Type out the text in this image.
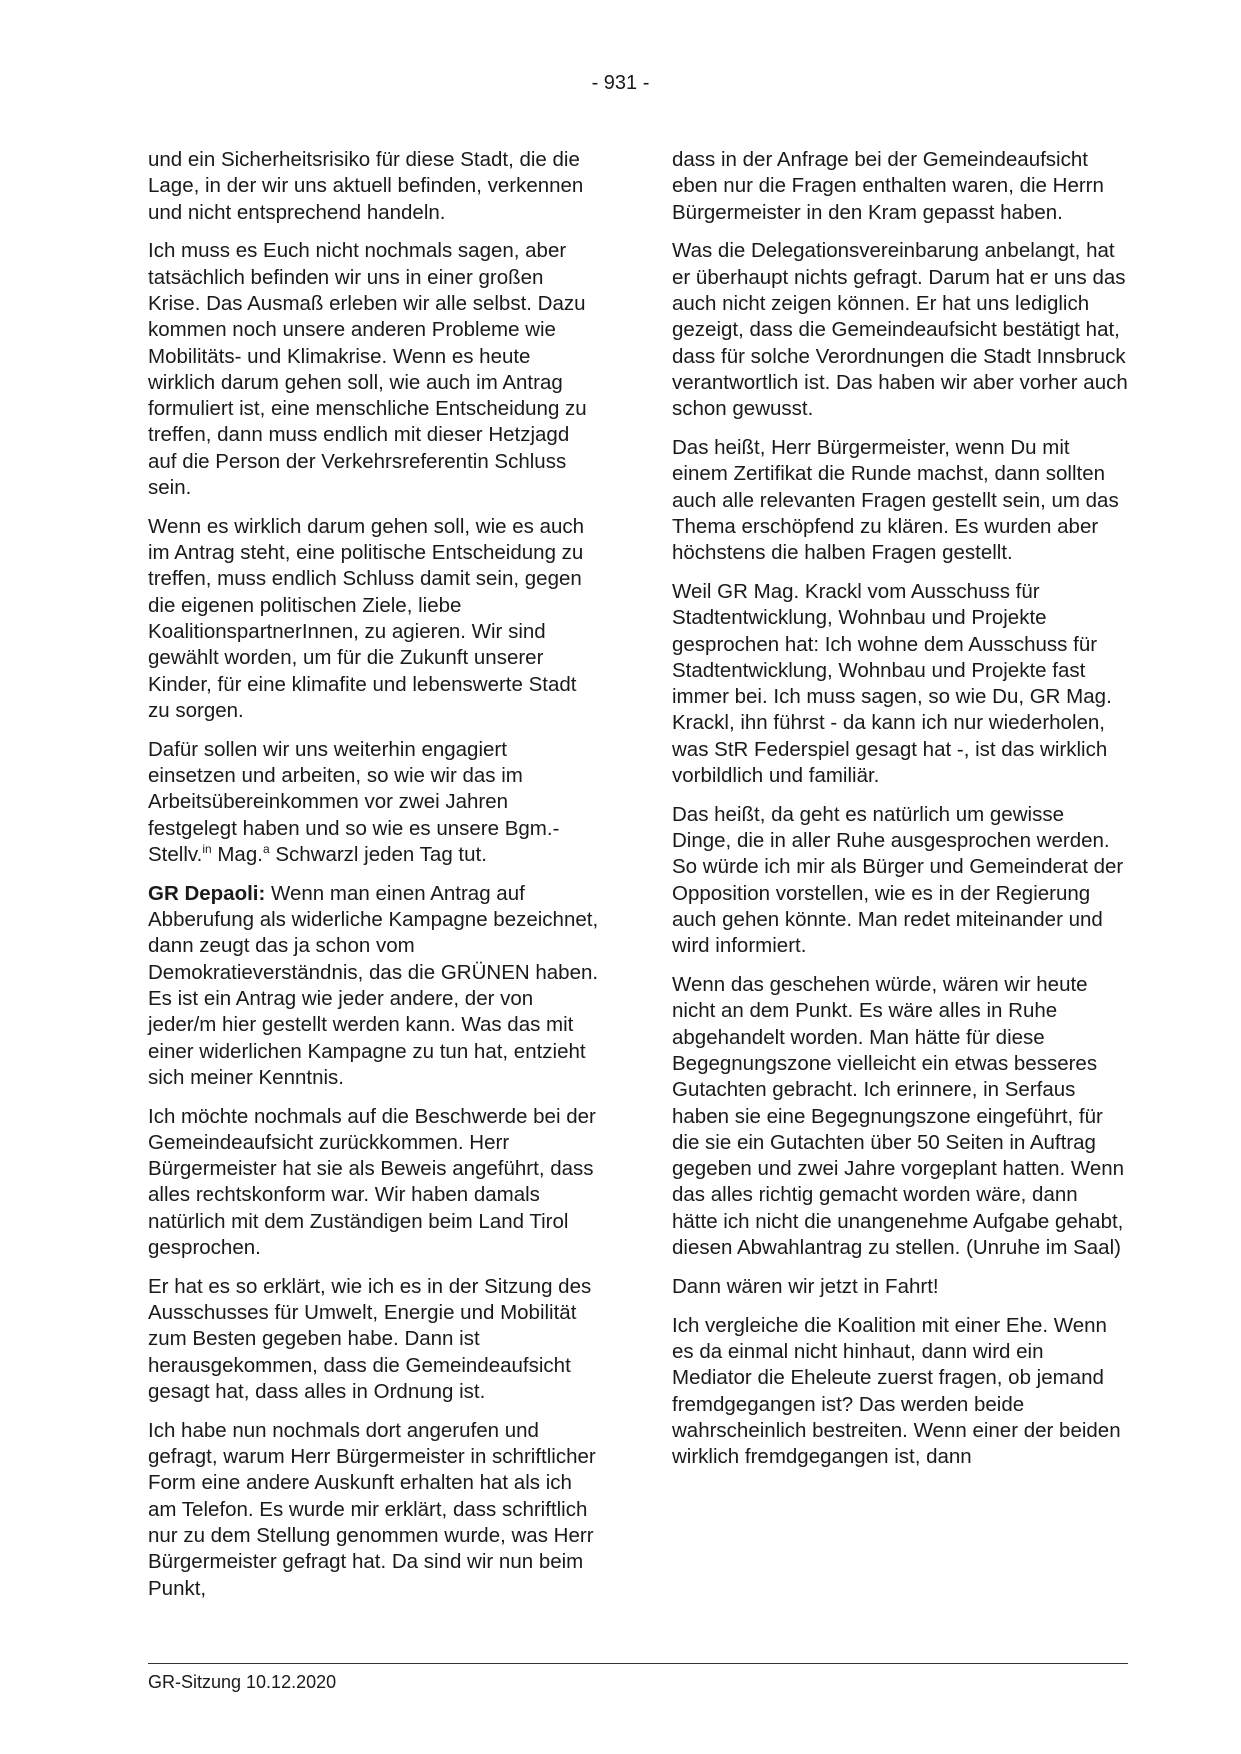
- 931 -

und ein Sicherheitsrisiko für diese Stadt, die die Lage, in der wir uns aktuell befinden, verkennen und nicht entsprechend handeln.

Ich muss es Euch nicht nochmals sagen, aber tatsächlich befinden wir uns in einer großen Krise. Das Ausmaß erleben wir alle selbst. Dazu kommen noch unsere anderen Probleme wie Mobilitäts- und Klimakrise. Wenn es heute wirklich darum gehen soll, wie auch im Antrag formuliert ist, eine menschliche Entscheidung zu treffen, dann muss endlich mit dieser Hetzjagd auf die Person der Verkehrsreferentin Schluss sein.

Wenn es wirklich darum gehen soll, wie es auch im Antrag steht, eine politische Entscheidung zu treffen, muss endlich Schluss damit sein, gegen die eigenen politischen Ziele, liebe KoalitionspartnerInnen, zu agieren. Wir sind gewählt worden, um für die Zukunft unserer Kinder, für eine klimafite und lebenswerte Stadt zu sorgen.

Dafür sollen wir uns weiterhin engagiert einsetzen und arbeiten, so wie wir das im Arbeitsübereinkommen vor zwei Jahren festgelegt haben und so wie es unsere Bgm.-Stellv.$^{in}$ Mag.$^a$ Schwarzl jeden Tag tut.

GR Depaoli: Wenn man einen Antrag auf Abberufung als widerliche Kampagne bezeichnet, dann zeugt das ja schon vom Demokratieverständnis, das die GRÜNEN haben. Es ist ein Antrag wie jeder andere, der von jeder/m hier gestellt werden kann. Was das mit einer widerlichen Kampagne zu tun hat, entzieht sich meiner Kenntnis.

Ich möchte nochmals auf die Beschwerde bei der Gemeindeaufsicht zurückkommen. Herr Bürgermeister hat sie als Beweis angeführt, dass alles rechtskonform war. Wir haben damals natürlich mit dem Zuständigen beim Land Tirol gesprochen.

Er hat es so erklärt, wie ich es in der Sitzung des Ausschusses für Umwelt, Energie und Mobilität zum Besten gegeben habe. Dann ist herausgekommen, dass die Gemeindeaufsicht gesagt hat, dass alles in Ordnung ist.

Ich habe nun nochmals dort angerufen und gefragt, warum Herr Bürgermeister in schriftlicher Form eine andere Auskunft erhalten hat als ich am Telefon. Es wurde mir erklärt, dass schriftlich nur zu dem Stellung genommen wurde, was Herr Bürgermeister gefragt hat. Da sind wir nun beim Punkt,

dass in der Anfrage bei der Gemeindeaufsicht eben nur die Fragen enthalten waren, die Herrn Bürgermeister in den Kram gepasst haben.

Was die Delegationsvereinbarung anbelangt, hat er überhaupt nichts gefragt. Darum hat er uns das auch nicht zeigen können. Er hat uns lediglich gezeigt, dass die Gemeindeaufsicht bestätigt hat, dass für solche Verordnungen die Stadt Innsbruck verantwortlich ist. Das haben wir aber vorher auch schon gewusst.

Das heißt, Herr Bürgermeister, wenn Du mit einem Zertifikat die Runde machst, dann sollten auch alle relevanten Fragen gestellt sein, um das Thema erschöpfend zu klären. Es wurden aber höchstens die halben Fragen gestellt.

Weil GR Mag. Krackl vom Ausschuss für Stadtentwicklung, Wohnbau und Projekte gesprochen hat: Ich wohne dem Ausschuss für Stadtentwicklung, Wohnbau und Projekte fast immer bei. Ich muss sagen, so wie Du, GR Mag. Krackl, ihn führst - da kann ich nur wiederholen, was StR Federspiel gesagt hat -, ist das wirklich vorbildlich und familiär.

Das heißt, da geht es natürlich um gewisse Dinge, die in aller Ruhe ausgesprochen werden. So würde ich mir als Bürger und Gemeinderat der Opposition vorstellen, wie es in der Regierung auch gehen könnte. Man redet miteinander und wird informiert.

Wenn das geschehen würde, wären wir heute nicht an dem Punkt. Es wäre alles in Ruhe abgehandelt worden. Man hätte für diese Begegnungszone vielleicht ein etwas besseres Gutachten gebracht. Ich erinnere, in Serfaus haben sie eine Begegnungszone eingeführt, für die sie ein Gutachten über 50 Seiten in Auftrag gegeben und zwei Jahre vorgeplant hatten. Wenn das alles richtig gemacht worden wäre, dann hätte ich nicht die unangenehme Aufgabe gehabt, diesen Abwahlantrag zu stellen. (Unruhe im Saal)

Dann wären wir jetzt in Fahrt!

Ich vergleiche die Koalition mit einer Ehe. Wenn es da einmal nicht hinhaut, dann wird ein Mediator die Eheleute zuerst fragen, ob jemand fremdgegangen ist? Das werden beide wahrscheinlich bestreiten. Wenn einer der beiden wirklich fremdgegangen ist, dann

GR-Sitzung 10.12.2020
